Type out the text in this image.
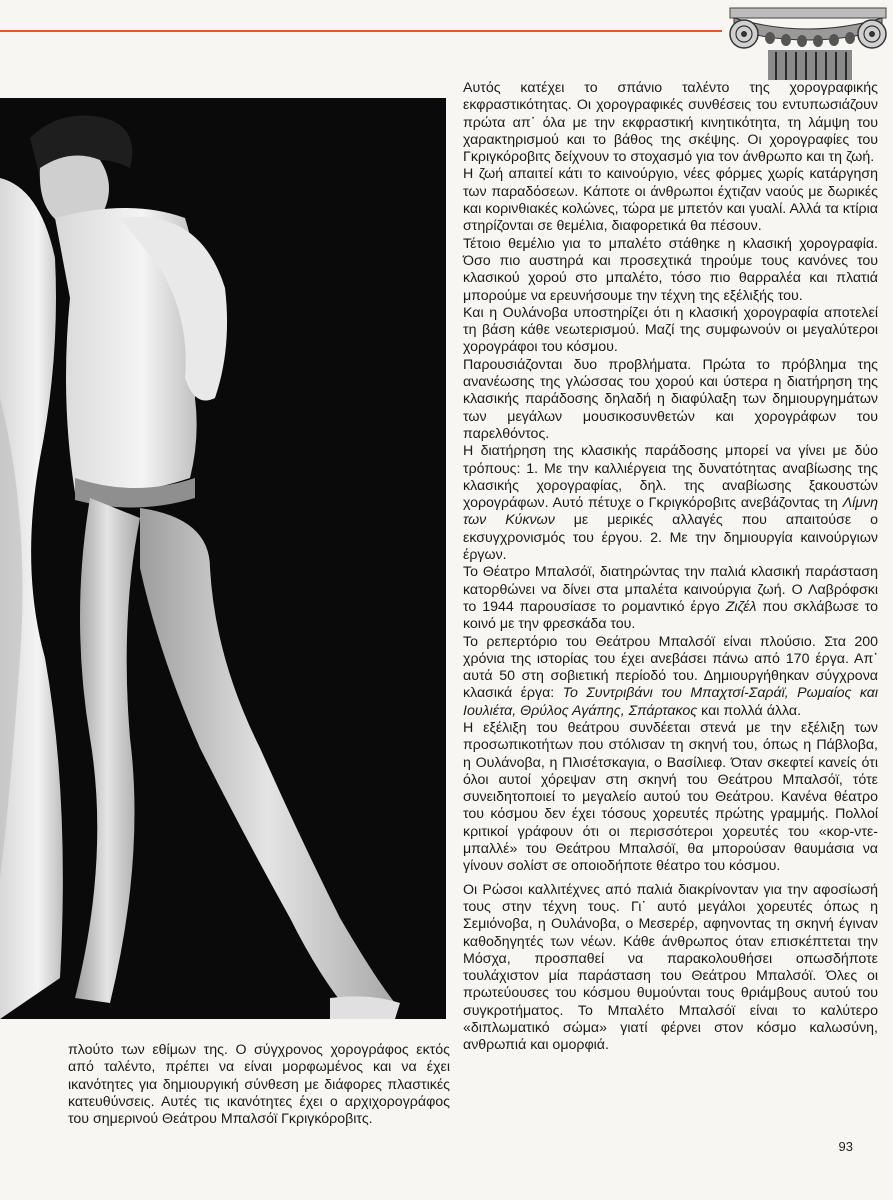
Αυτός κατέχει το σπάνιο ταλέντο της χορογραφικής εκφραστικότητας. Οι χορογραφικές συνθέσεις του εντυπωσιάζουν πρώτα απ᾽ όλα με την εκφραστική κινητικότητα, τη λάμψη του χαρακτηρισμού και το βάθος της σκέψης. Οι χορογραφίες του Γκριγκόροβιτς δείχνουν το στοχασμό για τον άνθρωπο και τη ζωή.

Η ζωή απαιτεί κάτι το καινούργιο, νέες φόρμες χωρίς κατάργηση των παραδόσεων. Κάποτε οι άνθρωποι έχτιζαν ναούς με δωρικές και κορινθιακές κολώνες, τώρα με μπετόν και γυαλί. Αλλά τα κτίρια στηρίζονται σε θεμέλια, διαφορετικά θα πέσουν.

Τέτοιο θεμέλιο για το μπαλέτο στάθηκε η κλασική χορογραφία. Όσο πιο αυστηρά και προσεχτικά τηρούμε τους κανόνες του κλασικού χορού στο μπαλέτο, τόσο πιο θαρραλέα και πλατιά μπορούμε να ερευνήσουμε την τέχνη της εξέλιξής του.

Και η Ουλάνοβα υποστηρίζει ότι η κλασική χορογραφία αποτελεί τη βάση κάθε νεωτερισμού. Μαζί της συμφωνούν οι μεγαλύτεροι χορογράφοι του κόσμου.

Παρουσιάζονται δυο προβλήματα. Πρώτα το πρόβλημα της ανανέωσης της γλώσσας του χορού και ύστερα η διατήρηση της κλασικής παράδοσης δηλαδή η διαφύλαξη των δημιουργημάτων των μεγάλων μουσικοσυνθετών και χορογράφων του παρελθόντος.

Η διατήρηση της κλασικής παράδοσης μπορεί να γίνει με δύο τρόπους: 1. Με την καλλιέργεια της δυνατότητας αναβίωσης της κλασικής χορογραφίας, δηλ. της αναβίωσης ξακουστών χορογράφων. Αυτό πέτυχε ο Γκριγκόροβιτς ανεβάζοντας τη Λίμνη των Κύκνων με μερικές αλλαγές που απαιτούσε ο εκσυγχρονισμός του έργου. 2. Με την δημιουργία καινούργιων έργων.

Το Θέατρο Μπαλσόϊ, διατηρώντας την παλιά κλασική παράσταση κατορθώνει να δίνει στα μπαλέτα καινούργια ζωή. Ο Λαβρόφσκι το 1944 παρουσίασε το ρομαντικό έργο Ζιζέλ που σκλάβωσε το κοινό με την φρεσκάδα του.

Το ρεπερτόριο του Θεάτρου Μπαλσόϊ είναι πλούσιο. Στα 200 χρόνια της ιστορίας του έχει ανεβάσει πάνω από 170 έργα. Απ᾽ αυτά 50 στη σοβιετική περίοδό του. Δημιουργήθηκαν σύγχρονα κλασικά έργα: Το Συντριβάνι του Μπαχτσί-Σαράϊ, Ρωμαίος και Ιουλιέτα, Θρύλος Αγάπης, Σπάρτακος και πολλά άλλα.

Η εξέλιξη του θεάτρου συνδέεται στενά με την εξέλιξη των προσωπικοτήτων που στόλισαν τη σκηνή του, όπως η Πάβλοβα, η Ουλάνοβα, η Πλισέτσκαγια, ο Βασίλιεφ. Όταν σκεφτεί κανείς ότι όλοι αυτοί χόρεψαν στη σκηνή του Θεάτρου Μπαλσόϊ, τότε συνειδητοποιεί το μεγαλείο αυτού του Θεάτρου. Κανένα θέατρο του κόσμου δεν έχει τόσους χορευτές πρώτης γραμμής. Πολλοί κριτικοί γράφουν ότι οι περισσότεροι χορευτές του «κορ-ντε-μπαλλέ» του Θεάτρου Μπαλσόϊ, θα μπορούσαν θαυμάσια να γίνουν σολίστ σε οποιοδήποτε θέατρο του κόσμου.

Οι Ρώσοι καλλιτέχνες από παλιά διακρίνονταν για την αφοσίωσή τους στην τέχνη τους. Γι᾽ αυτό μεγάλοι χορευτές όπως η Σεμιόνοβα, η Ουλάνοβα, ο Μεσερέρ, αφηνοντας τη σκηνή έγιναν καθοδηγητές των νέων. Κάθε άνθρωπος όταν επισκέπτεται την Μόσχα, προσπαθεί να παρακολουθήσει οπωσδήποτε τουλάχιστον μία παράσταση του Θεάτρου Μπαλσόϊ. Όλες οι πρωτεύουσες του κόσμου θυμούνται τους θριάμβους αυτού του συγκροτήματος. Το Μπαλέτο Μπαλσόϊ είναι το καλύτερο «διπλωματικό σώμα» γιατί φέρνει στον κόσμο καλωσύνη, ανθρωπιά και ομορφιά.

πλούτο των εθίμων της. Ο σύγχρονος χορογράφος εκτός από ταλέντο, πρέπει να είναι μορφωμένος και να έχει ικανότητες για δημιουργική σύνθεση με διάφορες πλαστικές κατευθύνσεις. Αυτές τις ικανότητες έχει ο αρχιχορογράφος του σημερινού Θεάτρου Μπαλσόϊ Γκριγκόροβιτς.

93
